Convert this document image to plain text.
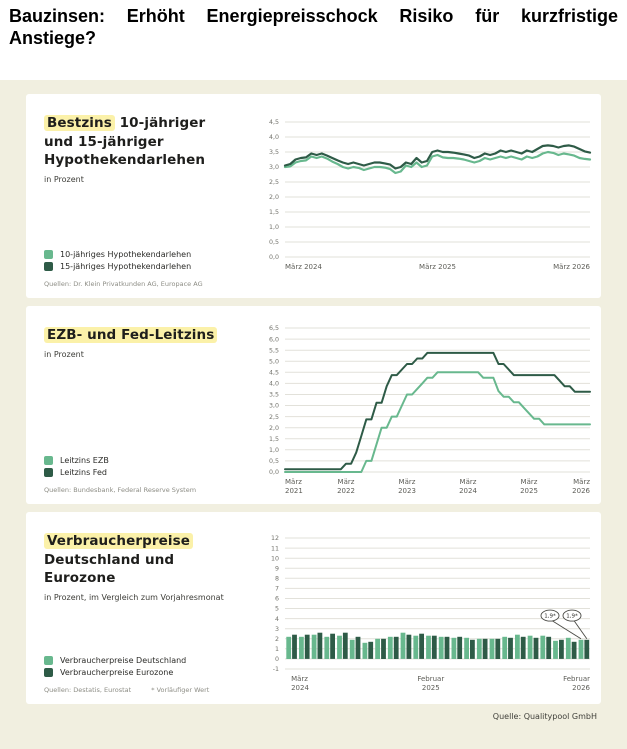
Bauzinsen: Erhöht Energiepreisschock Risiko für kurzfristige Anstiege?
Bestzins 10-jähriger und 15-jähriger Hypothekendarlehen
in Prozent
10-jähriges Hypothekendarlehen
15-jähriges Hypothekendarlehen
Quellen: Dr. Klein Privatkunden AG, Europace AG
4,5
4,0
3,5
3,0
2,5
2,0
1,5
1,0
0,5
0,0
März 2024	März 2025	März 2026
EZB- und Fed-Leitzins
in Prozent
Leitzins EZB
Leitzins Fed
Quellen: Bundesbank, Federal Reserve System
6,5
6,0
5,5
5,0
4,5
4,0
3,5
3,0
2,5
2,0
1,5
1,0
0,5
0,0
März
2021
März
2022
März
2023
März
2024
März
2025
März
2026
Verbraucherpreise
Deutschland und Eurozone
in Prozent, im Vergleich zum Vorjahresmonat
Verbraucherpreise Deutschland
Verbraucherpreise Eurozone
Quellen: Destatis, Eurostat	* Vorläufiger Wert
12
11
10
9
8
7
6
5
4
3
2
1
0
-1
März
2024
Februar
2025
Februar
2026
1,9* 1,9*
Quelle: Qualitypool GmbH
